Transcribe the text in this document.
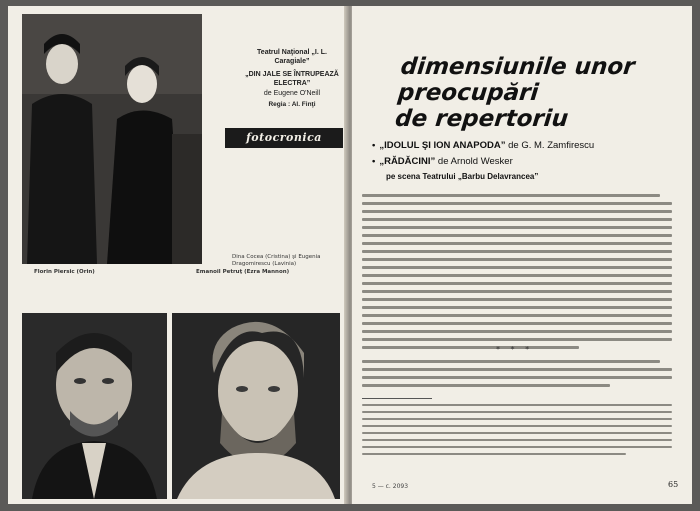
Dina Cocea (Cristina) şi Eugenia Dragomirescu (Lavinia)
Teatrul Naţional „I. L. Caragiale”
„DIN JALE SE ÎNTRUPEAZĂ ELECTRA”
de Eugene O'Neill
Regia : Al. Finţi
fotocronica
Florin Piersic (Orin)	Emanoil Petruţ (Ezra Mannon)
dimensiunile unor preocupări
de repertoriu
• „IDOLUL ŞI ION ANAPODA” de G. M. Zamfirescu
• „RĂDĂCINI” de Arnold Wesker
pe scena Teatrului „Barbu Delavrancea”
* * *
5 — c. 2093	65
